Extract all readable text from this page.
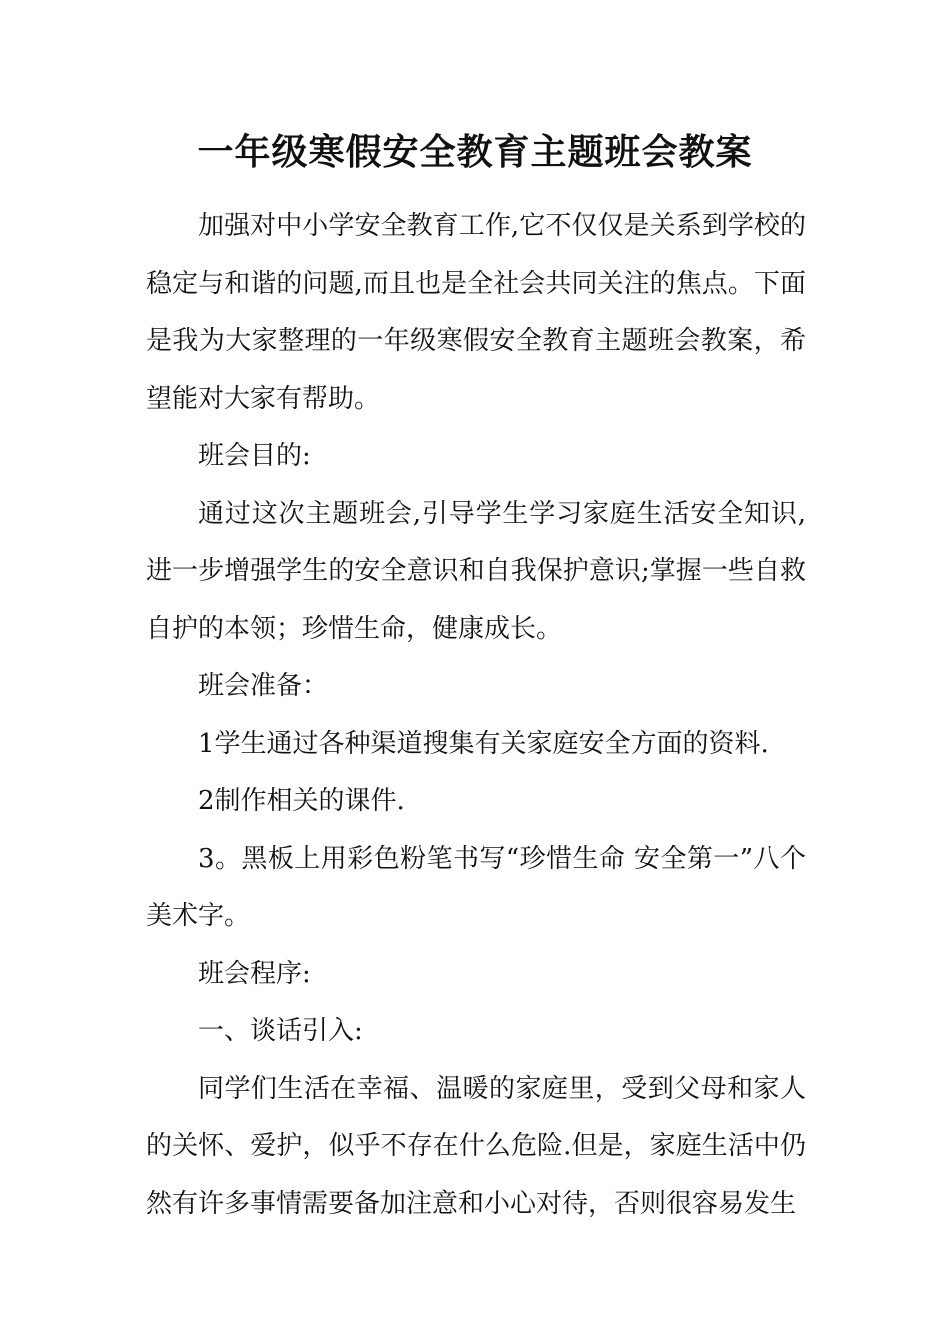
一年级寒假安全教育主题班会教案

加强对中小学安全教育工作,它不仅仅是关系到学校的稳定与和谐的问题,而且也是全社会共同关注的焦点。下面是我为大家整理的一年级寒假安全教育主题班会教案，希望能对大家有帮助。

班会目的:

通过这次主题班会,引导学生学习家庭生活安全知识,进一步增强学生的安全意识和自我保护意识;掌握一些自救自护的本领；珍惜生命，健康成长。

班会准备：

1学生通过各种渠道搜集有关家庭安全方面的资料.

2制作相关的课件.

3。黑板上用彩色粉笔书写“珍惜生命 安全第一”八个美术字。

班会程序:

一、谈话引入:

同学们生活在幸福、温暖的家庭里，受到父母和家人的关怀、爱护，似乎不存在什么危险.但是，家庭生活中仍然有许多事情需要备加注意和小心对待，否则很容易发生
